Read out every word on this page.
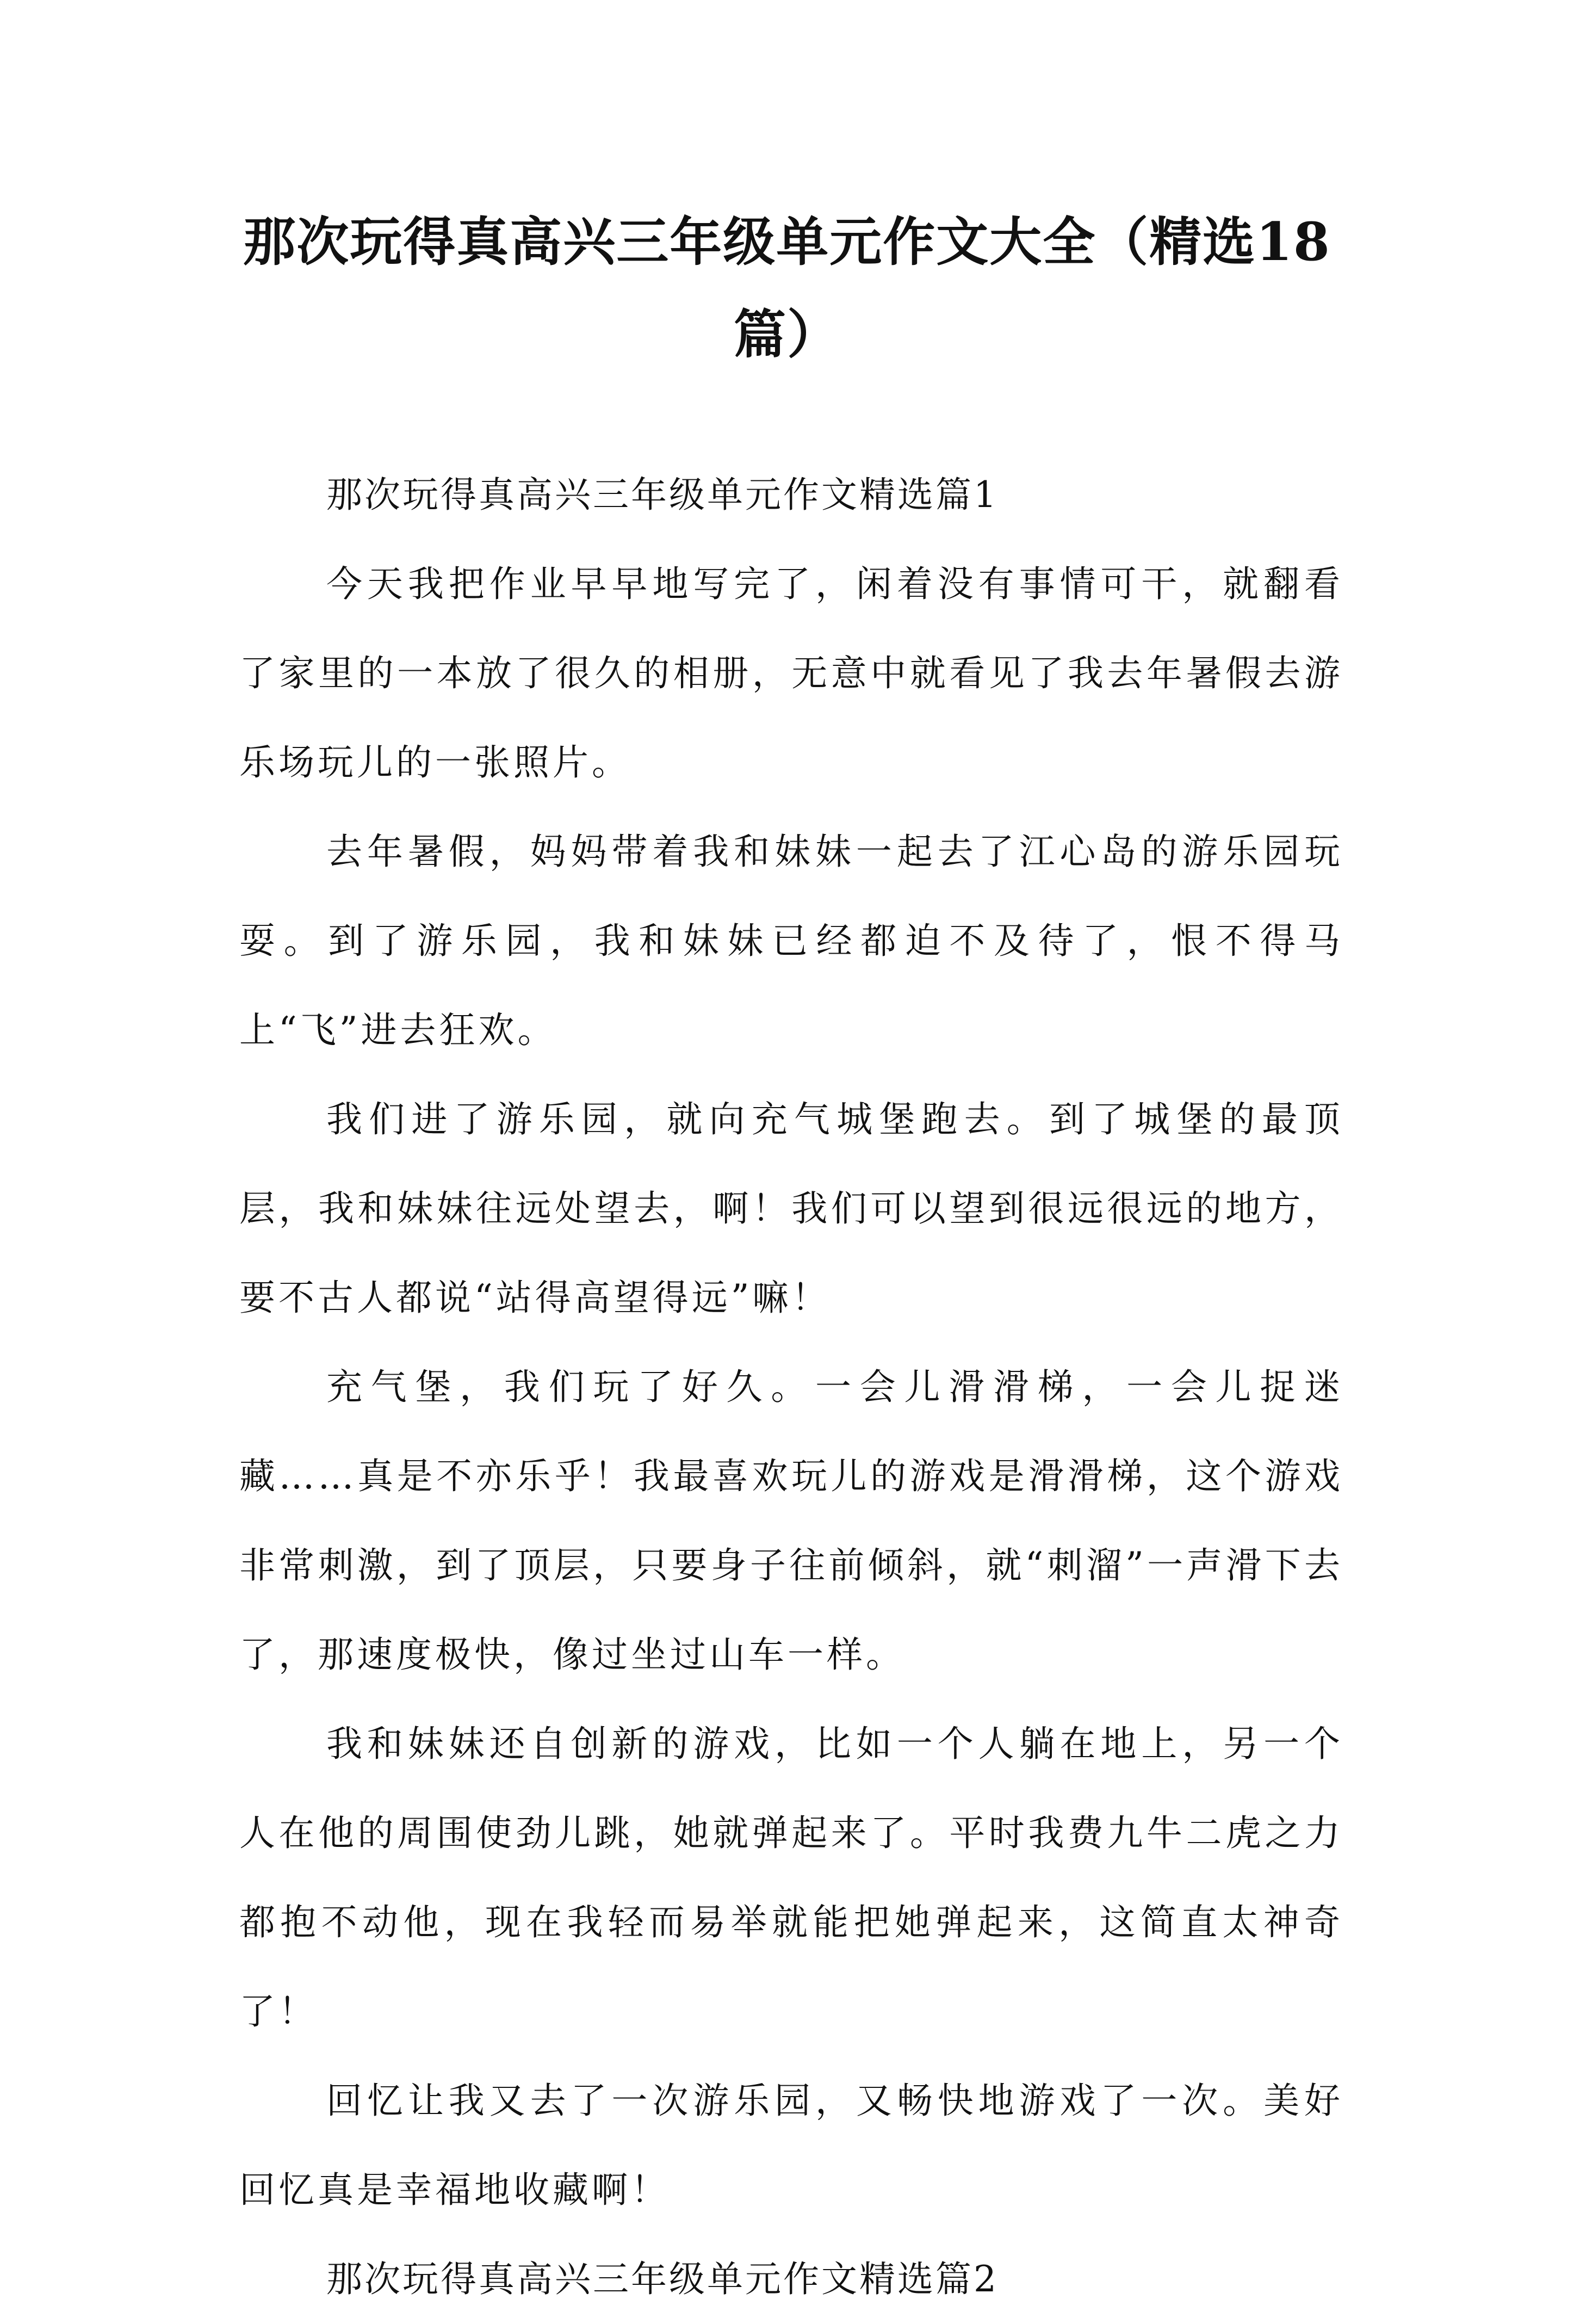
那次玩得真高兴三年级单元作文大全（精选18篇）

那次玩得真高兴三年级单元作文精选篇1

今天我把作业早早地写完了，闲着没有事情可干，就翻看了家里的一本放了很久的相册，无意中就看见了我去年暑假去游乐场玩儿的一张照片。

去年暑假，妈妈带着我和妹妹一起去了江心岛的游乐园玩耍。到了游乐园，我和妹妹已经都迫不及待了，恨不得马上“飞”进去狂欢。

我们进了游乐园，就向充气城堡跑去。到了城堡的最顶层，我和妹妹往远处望去，啊！我们可以望到很远很远的地方，要不古人都说“站得高望得远”嘛！

充气堡，我们玩了好久。一会儿滑滑梯，一会儿捉迷藏……真是不亦乐乎！我最喜欢玩儿的游戏是滑滑梯，这个游戏非常刺激，到了顶层，只要身子往前倾斜，就“刺溜”一声滑下去了，那速度极快，像过坐过山车一样。

我和妹妹还自创新的游戏，比如一个人躺在地上，另一个人在他的周围使劲儿跳，她就弹起来了。平时我费九牛二虎之力都抱不动他，现在我轻而易举就能把她弹起来，这简直太神奇了！

回忆让我又去了一次游乐园，又畅快地游戏了一次。美好回忆真是幸福地收藏啊！

那次玩得真高兴三年级单元作文精选篇2
